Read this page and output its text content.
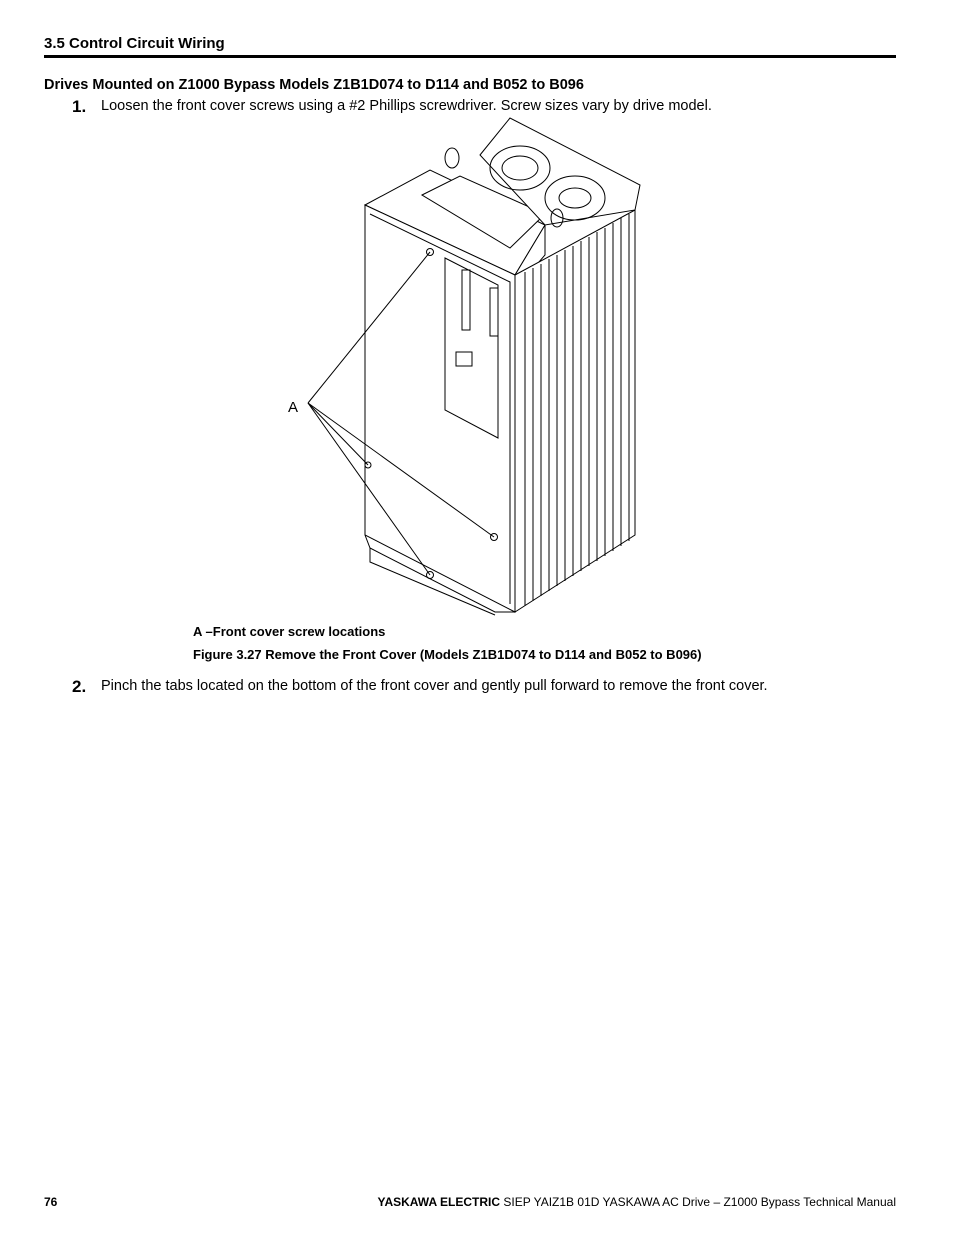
3.5 Control Circuit Wiring
Drives Mounted on Z1000 Bypass Models Z1B1D074 to D114 and B052 to B096
1. Loosen the front cover screws using a #2 Phillips screwdriver. Screw sizes vary by drive model.
A
A –Front cover screw locations
Figure 3.27 Remove the Front Cover (Models Z1B1D074 to D114 and B052 to B096)
2. Pinch the tabs located on the bottom of the front cover and gently pull forward to remove the front cover.
76	YASKAWA ELECTRIC SIEP YAIZ1B 01D YASKAWA AC Drive – Z1000 Bypass Technical Manual
